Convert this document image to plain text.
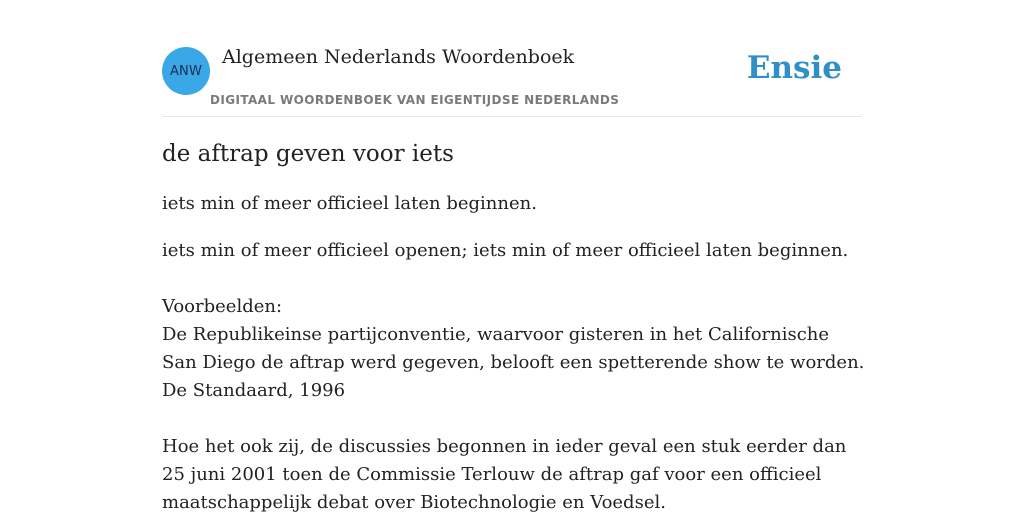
ANW
Algemeen Nederlands Woordenboek
DIGITAAL WOORDENBOEK VAN EIGENTIJDSE NEDERLANDS
Ensie
de aftrap geven voor iets

iets min of meer officieel laten beginnen.

iets min of meer officieel openen; iets min of meer officieel laten beginnen.
Voorbeelden:
De Republikeinse partijconventie, waarvoor gisteren in het Californische San Diego de aftrap werd gegeven, belooft een spetterende show te worden.
De Standaard, 1996
Hoe het ook zij, de discussies begonnen in ieder geval een stuk eerder dan 25 juni 2001 toen de Commissie Terlouw de aftrap gaf voor een officieel maatschappelijk debat over Biotechnologie en Voedsel.
